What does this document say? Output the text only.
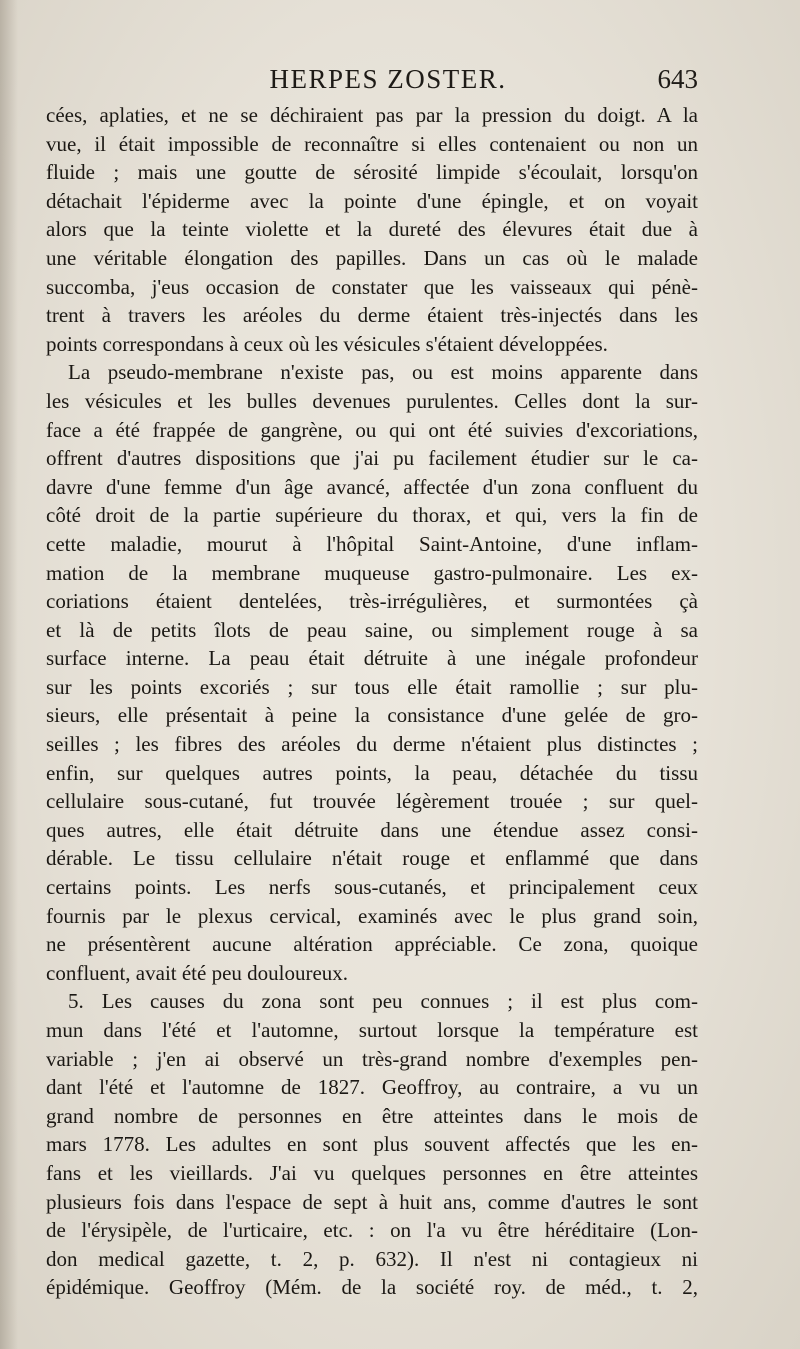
HERPES ZOSTER.	643
cées, aplaties, et ne se déchiraient pas par la pression du doigt. A la
vue, il était impossible de reconnaître si elles contenaient ou non un
fluide ; mais une goutte de sérosité limpide s'écoulait, lorsqu'on
détachait l'épiderme avec la pointe d'une épingle, et on voyait
alors que la teinte violette et la dureté des élevures était due à
une véritable élongation des papilles. Dans un cas où le malade
succomba, j'eus occasion de constater que les vaisseaux qui pénè-
trent à travers les aréoles du derme étaient très-injectés dans les
points correspondans à ceux où les vésicules s'étaient développées.
La pseudo-membrane n'existe pas, ou est moins apparente dans
les vésicules et les bulles devenues purulentes. Celles dont la sur-
face a été frappée de gangrène, ou qui ont été suivies d'excoriations,
offrent d'autres dispositions que j'ai pu facilement étudier sur le ca-
davre d'une femme d'un âge avancé, affectée d'un zona confluent du
côté droit de la partie supérieure du thorax, et qui, vers la fin de
cette maladie, mourut à l'hôpital Saint-Antoine, d'une inflam-
mation de la membrane muqueuse gastro-pulmonaire. Les ex-
coriations étaient dentelées, très-irrégulières, et surmontées çà
et là de petits îlots de peau saine, ou simplement rouge à sa
surface interne. La peau était détruite à une inégale profondeur
sur les points excoriés ; sur tous elle était ramollie ; sur plu-
sieurs, elle présentait à peine la consistance d'une gelée de gro-
seilles ; les fibres des aréoles du derme n'étaient plus distinctes ;
enfin, sur quelques autres points, la peau, détachée du tissu
cellulaire sous-cutané, fut trouvée légèrement trouée ; sur quel-
ques autres, elle était détruite dans une étendue assez consi-
dérable. Le tissu cellulaire n'était rouge et enflammé que dans
certains points. Les nerfs sous-cutanés, et principalement ceux
fournis par le plexus cervical, examinés avec le plus grand soin,
ne présentèrent aucune altération appréciable. Ce zona, quoique
confluent, avait été peu douloureux.
5. Les causes du zona sont peu connues ; il est plus com-
mun dans l'été et l'automne, surtout lorsque la température est
variable ; j'en ai observé un très-grand nombre d'exemples pen-
dant l'été et l'automne de 1827. Geoffroy, au contraire, a vu un
grand nombre de personnes en être atteintes dans le mois de
mars 1778. Les adultes en sont plus souvent affectés que les en-
fans et les vieillards. J'ai vu quelques personnes en être atteintes
plusieurs fois dans l'espace de sept à huit ans, comme d'autres le sont
de l'érysipèle, de l'urticaire, etc. : on l'a vu être héréditaire (Lon-
don medical gazette, t. 2, p. 632). Il n'est ni contagieux ni
épidémique. Geoffroy (Mém. de la société roy. de méd., t. 2,
